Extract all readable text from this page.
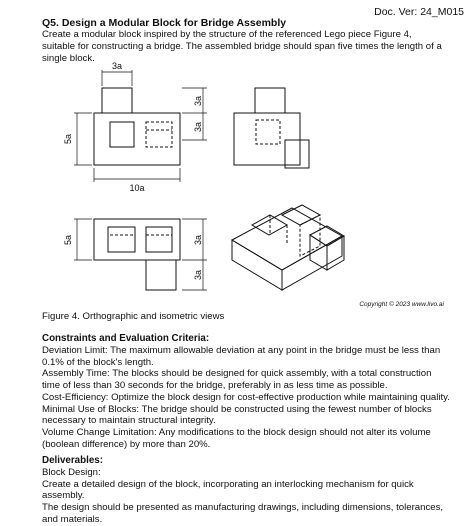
Doc. Ver: 24_M015
Q5. Design a Modular Block for Bridge Assembly
Create a modular block inspired by the structure of the referenced Lego piece Figure 4, suitable for constructing a bridge. The assembled bridge should span five times the length of a single block.
3a
3a
3a
5a
10a
5a	3a
3a
Copyright © 2023 www.livo.ai
Figure 4. Orthographic and isometric views
Constraints and Evaluation Criteria:
Deviation Limit: The maximum allowable deviation at any point in the bridge must be less than 0.1% of the block's length.
Assembly Time: The blocks should be designed for quick assembly, with a total construction time of less than 30 seconds for the bridge, preferably in as less time as possible.
Cost-Efficiency: Optimize the block design for cost-effective production while maintaining quality.
Minimal Use of Blocks: The bridge should be constructed using the fewest number of blocks necessary to maintain structural integrity.
Volume Change Limitation: Any modifications to the block design should not alter its volume (boolean difference) by more than 20%.
Deliverables:
Block Design:
Create a detailed design of the block, incorporating an interlocking mechanism for quick assembly.
The design should be presented as manufacturing drawings, including dimensions, tolerances, and materials.
